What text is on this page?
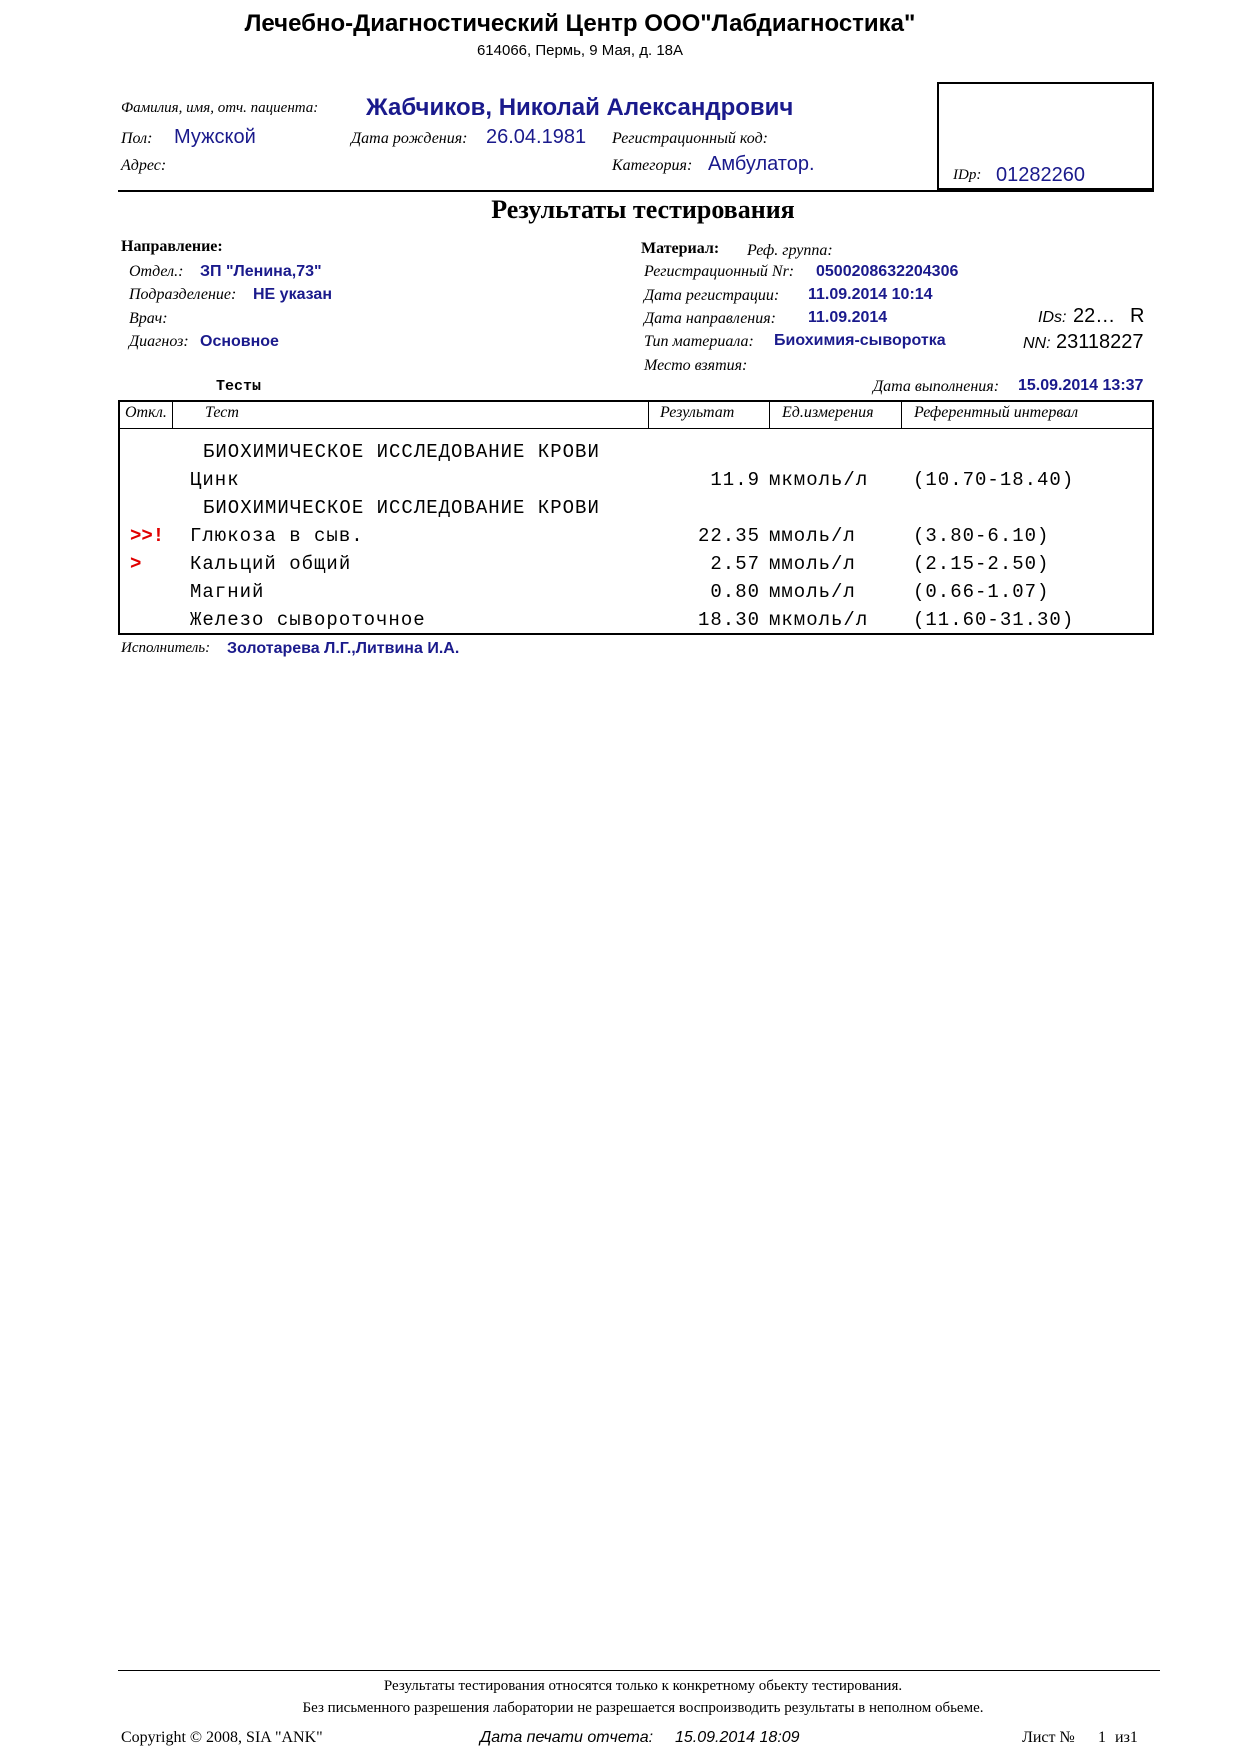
Лечебно-Диагностический Центр ООО"Лабдиагностика"
614066, Пермь, 9 Мая, д. 18А
Фамилия, имя, отч. пациента: Жабчиков, Николай Александрович
Пол: Мужской	Дата рождения: 26.04.1981 Регистрационный код:
Адрес:	Категория: Амбулатор.	IDp: 01282260
Результаты тестирования
Направление:
Отдел.: ЗП "Ленина,73"
Подразделение: НЕ указан
Врач:
Диагноз: Основное
Материал: Реф. группа:
Регистрационный Nr: 0500208632204306
Дата регистрации: 11.09.2014 10:14
Дата направления: 11.09.2014
Тип материала: Биохимия-сыворотка
Место взятия:
IDs: 22… R
NN: 23118227
Тесты	Дата выполнения: 15.09.2014 13:37
Откл. Тест	Результат	Ед.измерения	Референтный интервал
БИОХИМИЧЕСКОЕ ИССЛЕДОВАНИЕ КРОВИ
Цинк	11.9 мкмоль/л (10.70-18.40)
БИОХИМИЧЕСКОЕ ИССЛЕДОВАНИЕ КРОВИ
>>! Глюкоза в сыв.	22.35 ммоль/л	(3.80-6.10)
>	Кальций общий	2.57 ммоль/л	(2.15-2.50)
Магний	0.80 ммоль/л	(0.66-1.07)
Железо сывороточное	18.30 мкмоль/л (11.60-31.30)
Исполнитель: Золотарева Л.Г.,Литвина И.А.
Результаты тестирования относятся только к конкретному обьекту тестирования.
Без письменного разрешения лаборатории не разрешается воспроизводить результаты в неполном обьеме.
Copyright © 2008, SIA "ANK"	Дата печати отчета: 15.09.2014 18:09	Лист № 1 из1
